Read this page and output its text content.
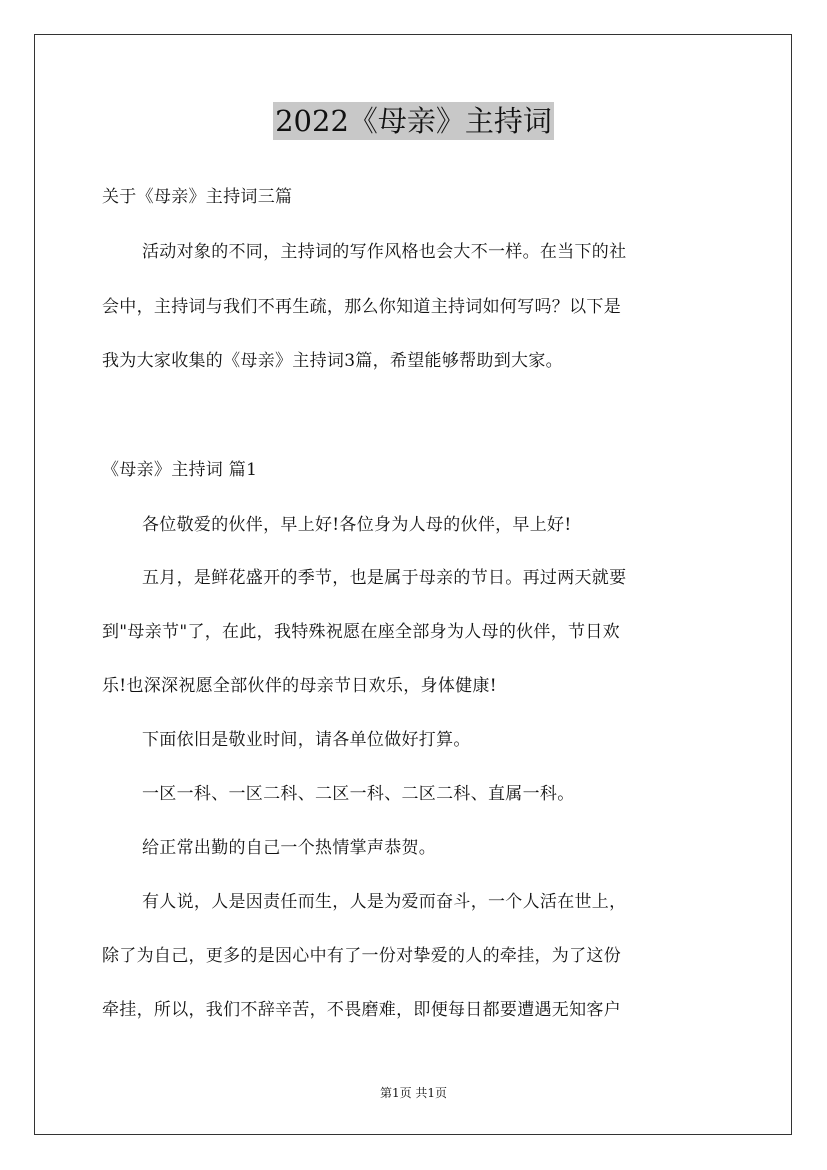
2022《母亲》主持词
关于《母亲》主持词三篇
活动对象的不同，主持词的写作风格也会大不一样。在当下的社
会中，主持词与我们不再生疏，那么你知道主持词如何写吗？以下是
我为大家收集的《母亲》主持词3篇，希望能够帮助到大家。
《母亲》主持词 篇1
各位敬爱的伙伴，早上好!各位身为人母的伙伴，早上好!
五月，是鲜花盛开的季节，也是属于母亲的节日。再过两天就要
到"母亲节"了，在此，我特殊祝愿在座全部身为人母的伙伴，节日欢
乐!也深深祝愿全部伙伴的母亲节日欢乐，身体健康!
下面依旧是敬业时间，请各单位做好打算。
一区一科、一区二科、二区一科、二区二科、直属一科。
给正常出勤的自己一个热情掌声恭贺。
有人说，人是因责任而生，人是为爱而奋斗，一个人活在世上，
除了为自己，更多的是因心中有了一份对挚爱的人的牵挂，为了这份
牵挂，所以，我们不辞辛苦，不畏磨难，即便每日都要遭遇无知客户
第1页 共1页
